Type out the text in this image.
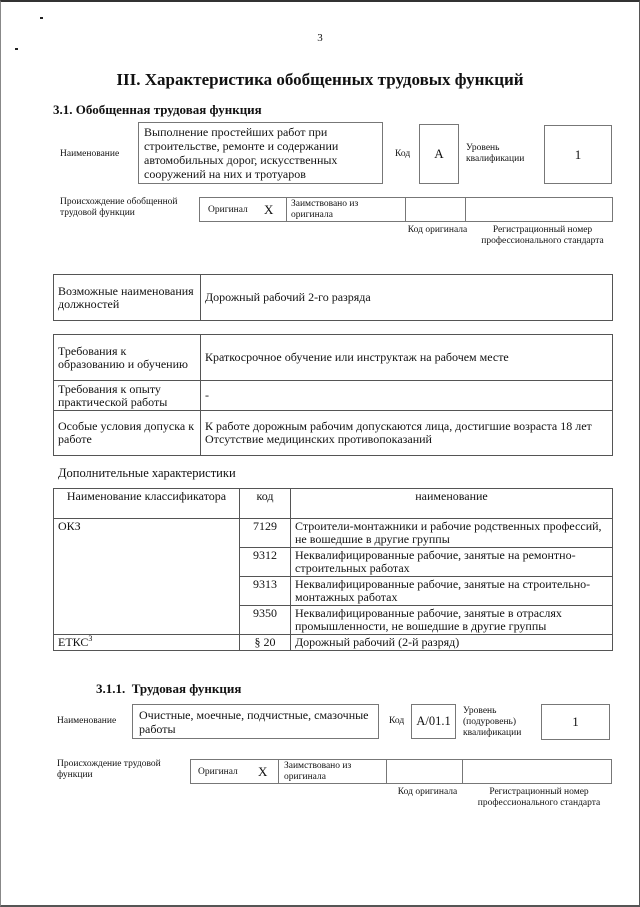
3
III. Характеристика обобщенных трудовых функций
3.1. Обобщенная трудовая функция
Наименование
Выполнение простейших работ при строительстве, ремонте и содержании автомобильных дорог, искусственных сооружений на них и тротуаров
Код	A	Уровень квалификации	1
Происхождение обобщенной трудовой функции	Оригинал X Заимствовано из оригинала
Код оригинала	Регистрационный номер профессионального стандарта
Возможные наименования должностей	Дорожный рабочий 2-го разряда
Требования к образованию и обучению	Краткосрочное обучение или инструктаж на рабочем месте
Требования к опыту практической работы	-
Особые условия допуска к работе	К работе дорожным рабочим допускаются лица, достигшие возраста 18 лет
Отсутствие медицинских противопоказаний
Дополнительные характеристики
Наименование классификатора	код	наименование
ОКЗ	7129	Строители-монтажники и рабочие родственных профессий, не вошедшие в другие группы
	9312	Неквалифицированные рабочие, занятые на ремонтно-строительных работах
	9313	Неквалифицированные рабочие, занятые на строительно-монтажных работах
	9350	Неквалифицированные рабочие, занятые в отраслях промышленности, не вошедшие в другие группы
ЕТКС$^3$	§ 20	Дорожный рабочий (2-й разряд)
3.1.1. Трудовая функция
Наименование	Очистные, моечные, подчистные, смазочные работы
Код A/01.1
Уровень (подуровень) квалификации
1
Происхождение трудовой функции	Оригинал X Заимствовано из оригинала
Код оригинала	Регистрационный номер профессионального стандарта
